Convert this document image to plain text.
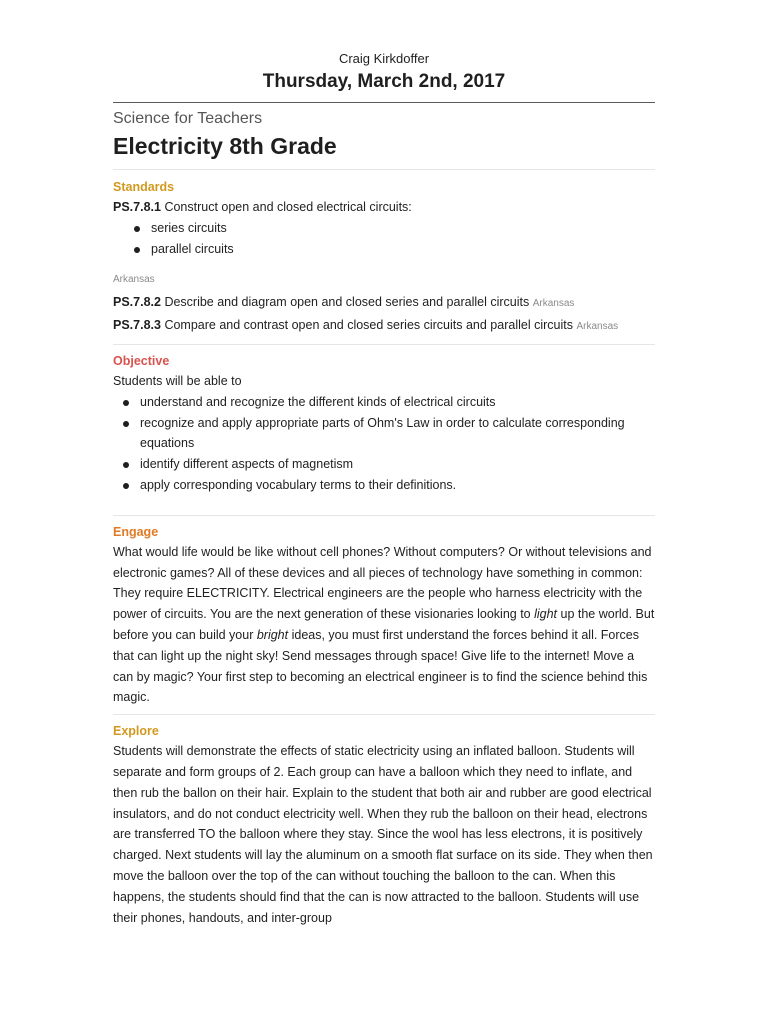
Craig Kirkdoffer
Thursday, March 2nd, 2017
Science for Teachers
Electricity 8th Grade
Standards
PS.7.8.1 Construct open and closed electrical circuits:
series circuits
parallel circuits
Arkansas
PS.7.8.2 Describe and diagram open and closed series and parallel circuits Arkansas
PS.7.8.3 Compare and contrast open and closed series circuits and parallel circuits Arkansas
Objective
Students will be able to
understand and recognize the different kinds of electrical circuits
recognize and apply appropriate parts of Ohm's Law in order to calculate corresponding equations
identify different aspects of magnetism
apply corresponding vocabulary terms to their definitions.
Engage
What would life would be like without cell phones? Without computers? Or without televisions and electronic games? All of these devices and all pieces of technology have something in common: They require ELECTRICITY. Electrical engineers are the people who harness electricity with the power of circuits. You are the next generation of these visionaries looking to light up the world. But before you can build your bright ideas, you must first understand the forces behind it all. Forces that can light up the night sky! Send messages through space! Give life to the internet! Move a can by magic? Your first step to becoming an electrical engineer is to find the science behind this magic.
Explore
Students will demonstrate the effects of static electricity using an inflated balloon. Students will separate and form groups of 2. Each group can have a balloon which they need to inflate, and then rub the ballon on their hair. Explain to the student that both air and rubber are good electrical insulators, and do not conduct electricity well. When they rub the balloon on their head, electrons are transferred TO the balloon where they stay. Since the wool has less electrons, it is positively charged. Next students will lay the aluminum on a smooth flat surface on its side. They when then move the balloon over the top of the can without touching the balloon to the can. When this happens, the students should find that the can is now attracted to the balloon. Students will use their phones, handouts, and inter-group
